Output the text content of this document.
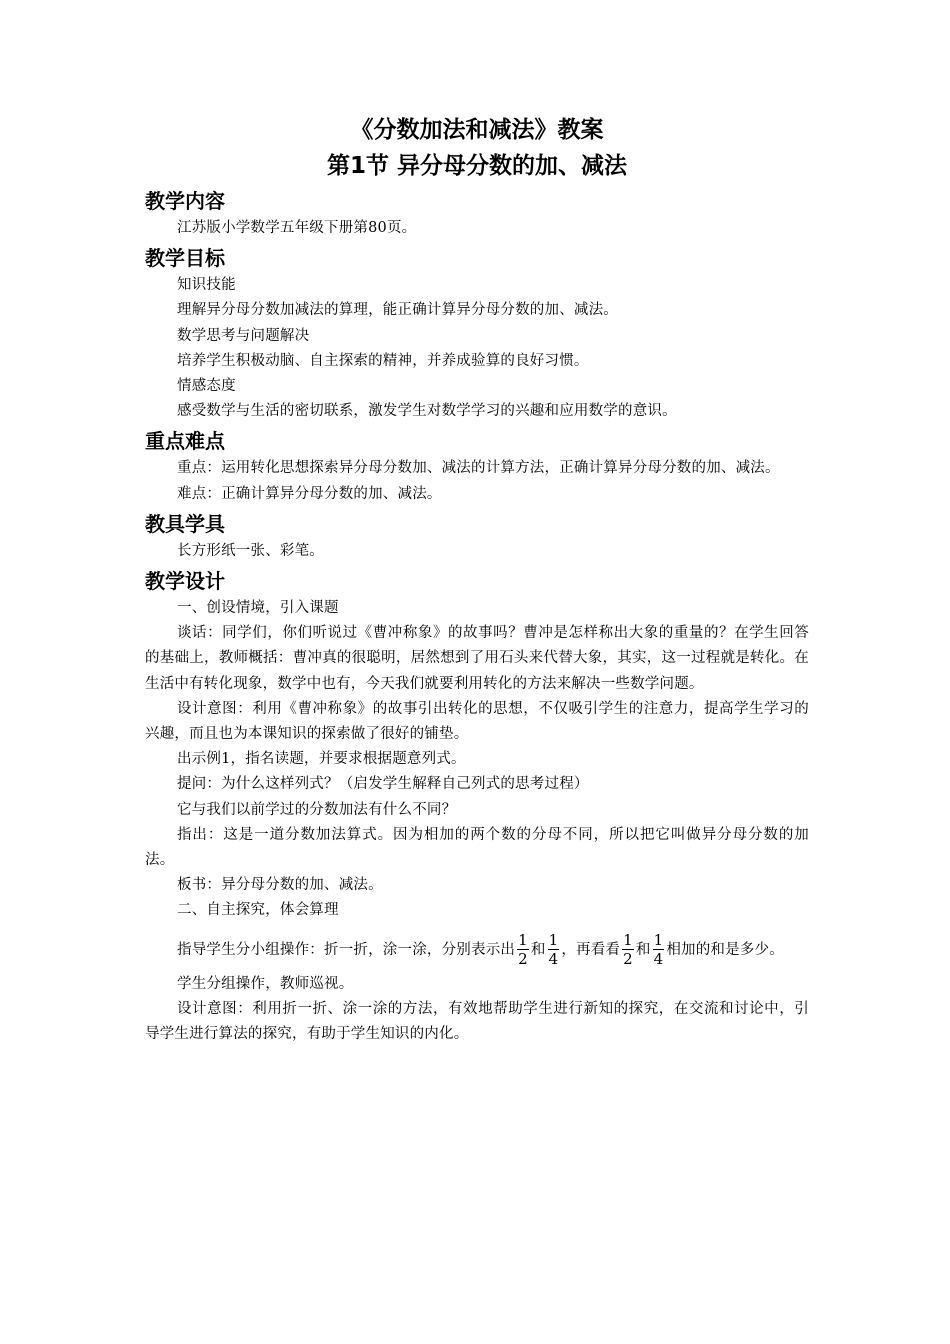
《分数加法和减法》教案
第1节 异分母分数的加、减法
教学内容

江苏版小学数学五年级下册第80页。

教学目标

知识技能

理解异分母分数加减法的算理，能正确计算异分母分数的加、减法。

数学思考与问题解决

培养学生积极动脑、自主探索的精神，并养成验算的良好习惯。

情感态度

感受数学与生活的密切联系，激发学生对数学学习的兴趣和应用数学的意识。

重点难点

重点：运用转化思想探索异分母分数加、减法的计算方法，正确计算异分母分数的加、减法。

难点：正确计算异分母分数的加、减法。

教具学具

长方形纸一张、彩笔。

教学设计

一、创设情境，引入课题

谈话：同学们，你们听说过《曹冲称象》的故事吗？曹冲是怎样称出大象的重量的？在学生回答的基础上，教师概括：曹冲真的很聪明，居然想到了用石头来代替大象，其实，这一过程就是转化。在生活中有转化现象，数学中也有，今天我们就要利用转化的方法来解决一些数学问题。

设计意图：利用《曹冲称象》的故事引出转化的思想，不仅吸引学生的注意力，提高学生学习的兴趣，而且也为本课知识的探索做了很好的铺垫。

出示例1，指名读题，并要求根据题意列式。

提问：为什么这样列式？（启发学生解释自己列式的思考过程）

它与我们以前学过的分数加法有什么不同？

指出：这是一道分数加法算式。因为相加的两个数的分母不同，所以把它叫做异分母分数的加法。

板书：异分母分数的加、减法。

二、自主探究，体会算理

指导学生分小组操作：折一折，涂一涂，分别表示出 $\frac{1}{2}$ 和 $\frac{1}{4}$ ，再看看 $\frac{1}{2}$ 和 $\frac{1}{4}$ 相加的和是多少。

学生分组操作，教师巡视。

设计意图：利用折一折、涂一涂的方法，有效地帮助学生进行新知的探究，在交流和讨论中，引导学生进行算法的探究，有助于学生知识的内化。
